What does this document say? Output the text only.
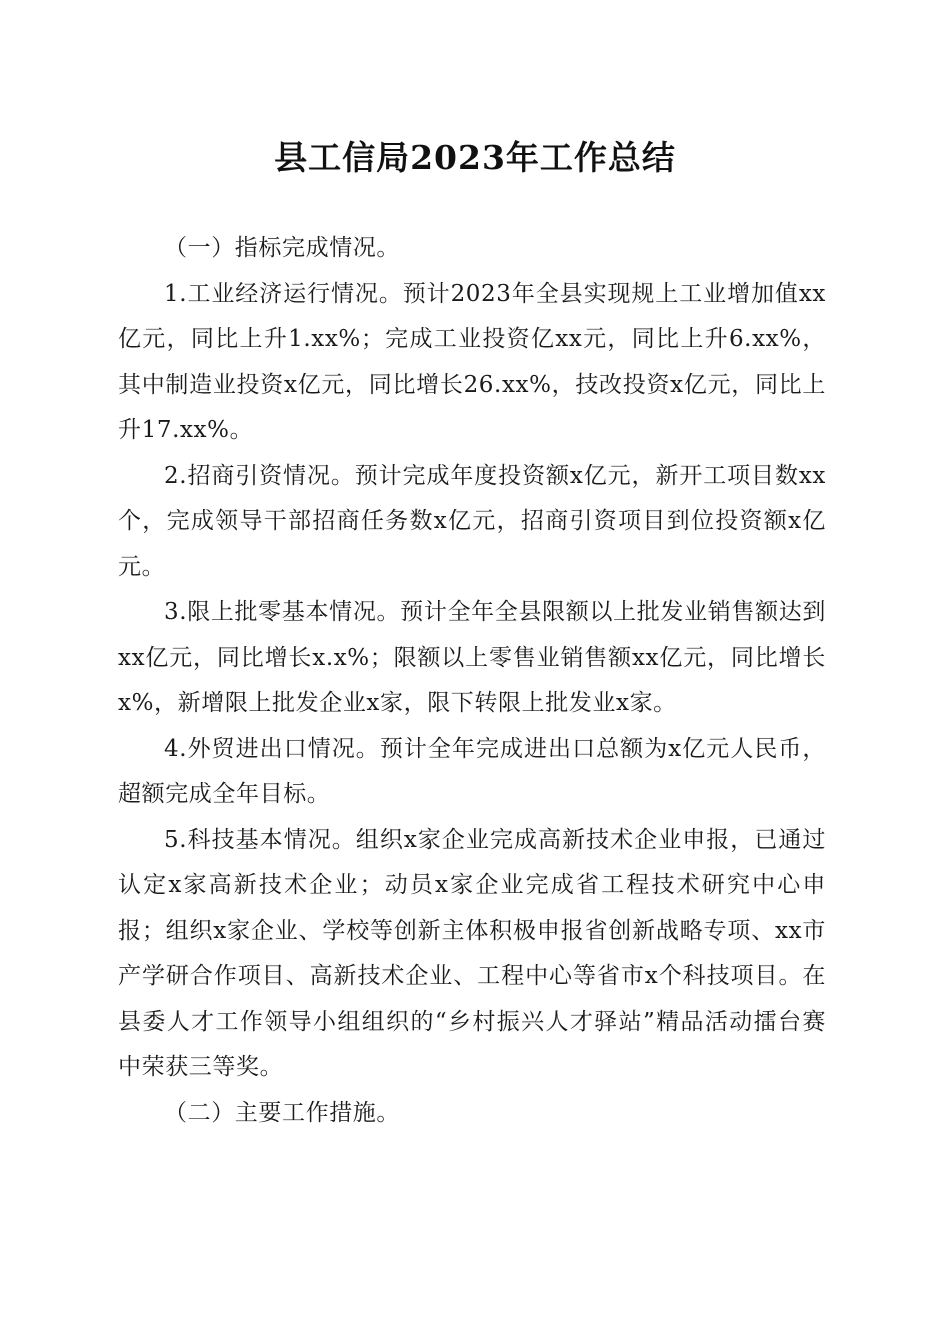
县工信局2023年工作总结

（一）指标完成情况。

1.工业经济运行情况。预计2023年全县实现规上工业增加值xx亿元，同比上升1.xx%；完成工业投资亿xx元，同比上升6.xx%，其中制造业投资x亿元，同比增长26.xx%，技改投资x亿元，同比上升17.xx%。

2.招商引资情况。预计完成年度投资额x亿元，新开工项目数xx个，完成领导干部招商任务数x亿元，招商引资项目到位投资额x亿元。

3.限上批零基本情况。预计全年全县限额以上批发业销售额达到xx亿元，同比增长x.x%；限额以上零售业销售额xx亿元，同比增长x%，新增限上批发企业x家，限下转限上批发业x家。

4.外贸进出口情况。预计全年完成进出口总额为x亿元人民币，超额完成全年目标。

5.科技基本情况。组织x家企业完成高新技术企业申报，已通过认定x家高新技术企业；动员x家企业完成省工程技术研究中心申报；组织x家企业、学校等创新主体积极申报省创新战略专项、xx市产学研合作项目、高新技术企业、工程中心等省市x个科技项目。在县委人才工作领导小组组织的“乡村振兴人才驿站”精品活动擂台赛中荣获三等奖。

（二）主要工作措施。
